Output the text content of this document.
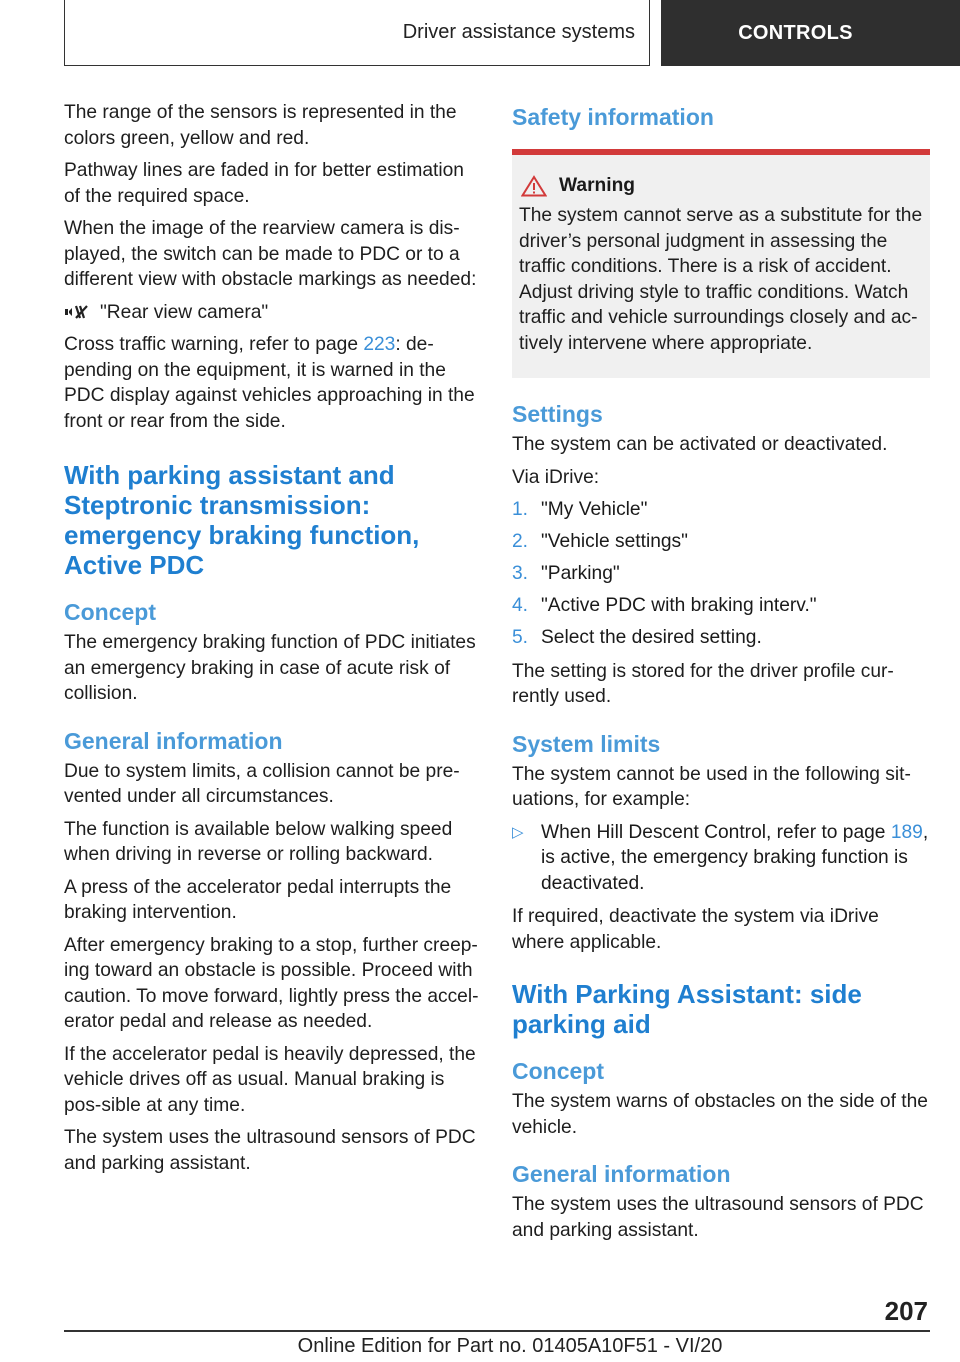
Driver assistance systems	CONTROLS

The range of the sensors is represented in the colors green, yellow and red.

Pathway lines are faded in for better estimation of the required space.

When the image of the rearview camera is dis-played, the switch can be made to PDC or to a different view with obstacle markings as needed:

"Rear view camera"

Cross traffic warning, refer to page 223: de-pending on the equipment, it is warned in the PDC display against vehicles approaching in the front or rear from the side.

With parking assistant and Steptronic transmission: emergency braking function, Active PDC
Concept

The emergency braking function of PDC initiates an emergency braking in case of acute risk of collision.

General information

Due to system limits, a collision cannot be pre-vented under all circumstances.

The function is available below walking speed when driving in reverse or rolling backward.

A press of the accelerator pedal interrupts the braking intervention.

After emergency braking to a stop, further creep-ing toward an obstacle is possible. Proceed with caution. To move forward, lightly press the accel-erator pedal and release as needed.

If the accelerator pedal is heavily depressed, the vehicle drives off as usual. Manual braking is pos-sible at any time.

The system uses the ultrasound sensors of PDC and parking assistant.

Safety information
Warning

The system cannot serve as a substitute for the driver’s personal judgment in assessing the traffic conditions. There is a risk of accident. Adjust driving style to traffic conditions. Watch traffic and vehicle surroundings closely and ac-tively intervene where appropriate.

Settings

The system can be activated or deactivated.

Via iDrive:

1. "My Vehicle"
2. "Vehicle settings"
3. "Parking"
4. "Active PDC with braking interv."
5. Select the desired setting.

The setting is stored for the driver profile cur-rently used.

System limits

The system cannot be used in the following sit-uations, for example:

▷ When Hill Descent Control, refer to page 189, is active, the emergency braking function is deactivated.

If required, deactivate the system via iDrive where applicable.

With Parking Assistant: side parking aid
Concept

The system warns of obstacles on the side of the vehicle.

General information

The system uses the ultrasound sensors of PDC and parking assistant.

207
Online Edition for Part no. 01405A10F51 - VI/20
